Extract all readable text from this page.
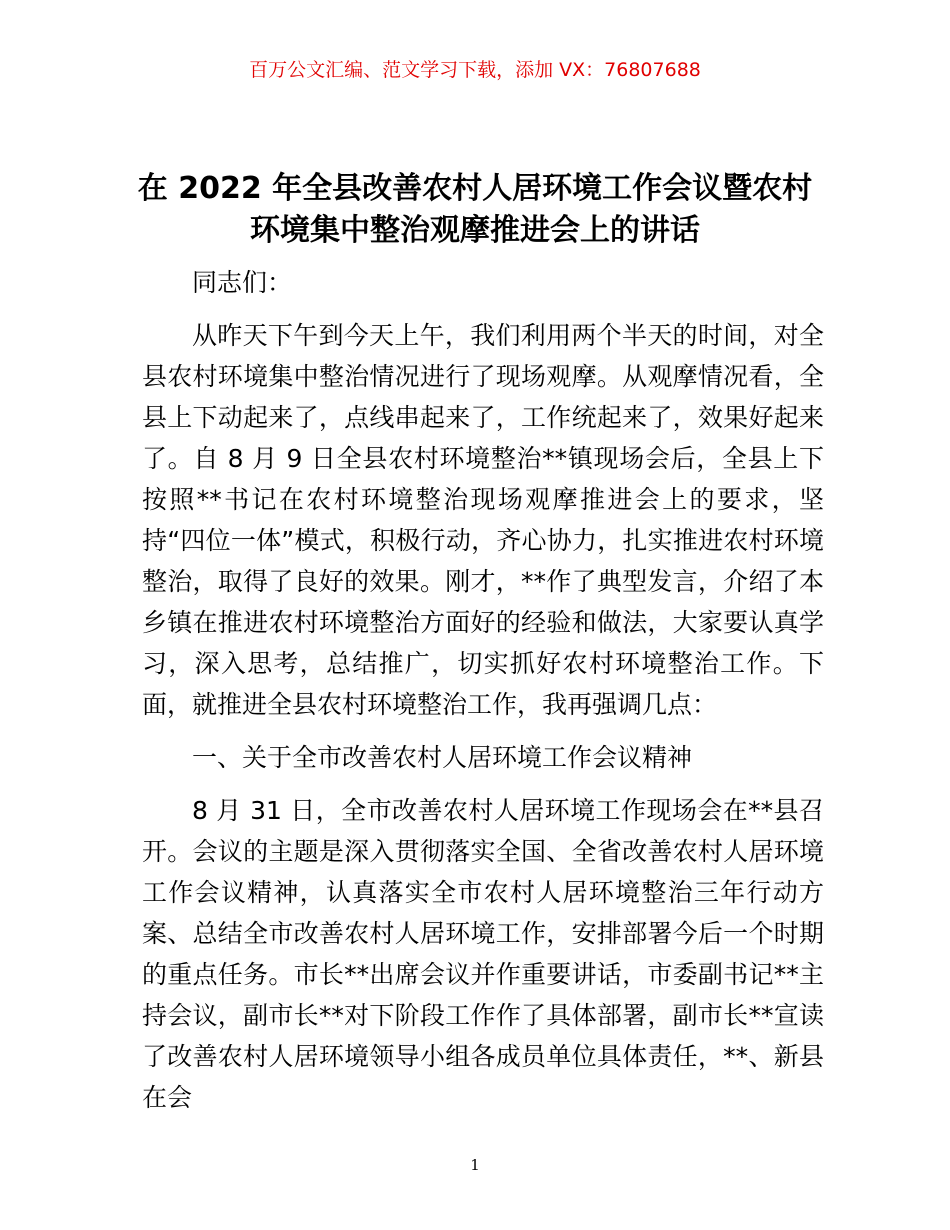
百万公文汇编、范文学习下载，添加 VX：76807688
在 2022 年全县改善农村人居环境工作会议暨农村环境集中整治观摩推进会上的讲话

同志们：

从昨天下午到今天上午，我们利用两个半天的时间，对全县农村环境集中整治情况进行了现场观摩。从观摩情况看，全县上下动起来了，点线串起来了，工作统起来了，效果好起来了。自 8 月 9 日全县农村环境整治**镇现场会后，全县上下按照**书记在农村环境整治现场观摩推进会上的要求，坚持“四位一体”模式，积极行动，齐心协力，扎实推进农村环境整治，取得了良好的效果。刚才，**作了典型发言，介绍了本乡镇在推进农村环境整治方面好的经验和做法，大家要认真学习，深入思考，总结推广，切实抓好农村环境整治工作。下面，就推进全县农村环境整治工作，我再强调几点：

一、关于全市改善农村人居环境工作会议精神

8 月 31 日，全市改善农村人居环境工作现场会在**县召开。会议的主题是深入贯彻落实全国、全省改善农村人居环境工作会议精神，认真落实全市农村人居环境整治三年行动方案、总结全市改善农村人居环境工作，安排部署今后一个时期的重点任务。市长**出席会议并作重要讲话，市委副书记**主持会议，副市长**对下阶段工作作了具体部署，副市长**宣读了改善农村人居环境领导小组各成员单位具体责任，**、新县在会

1
